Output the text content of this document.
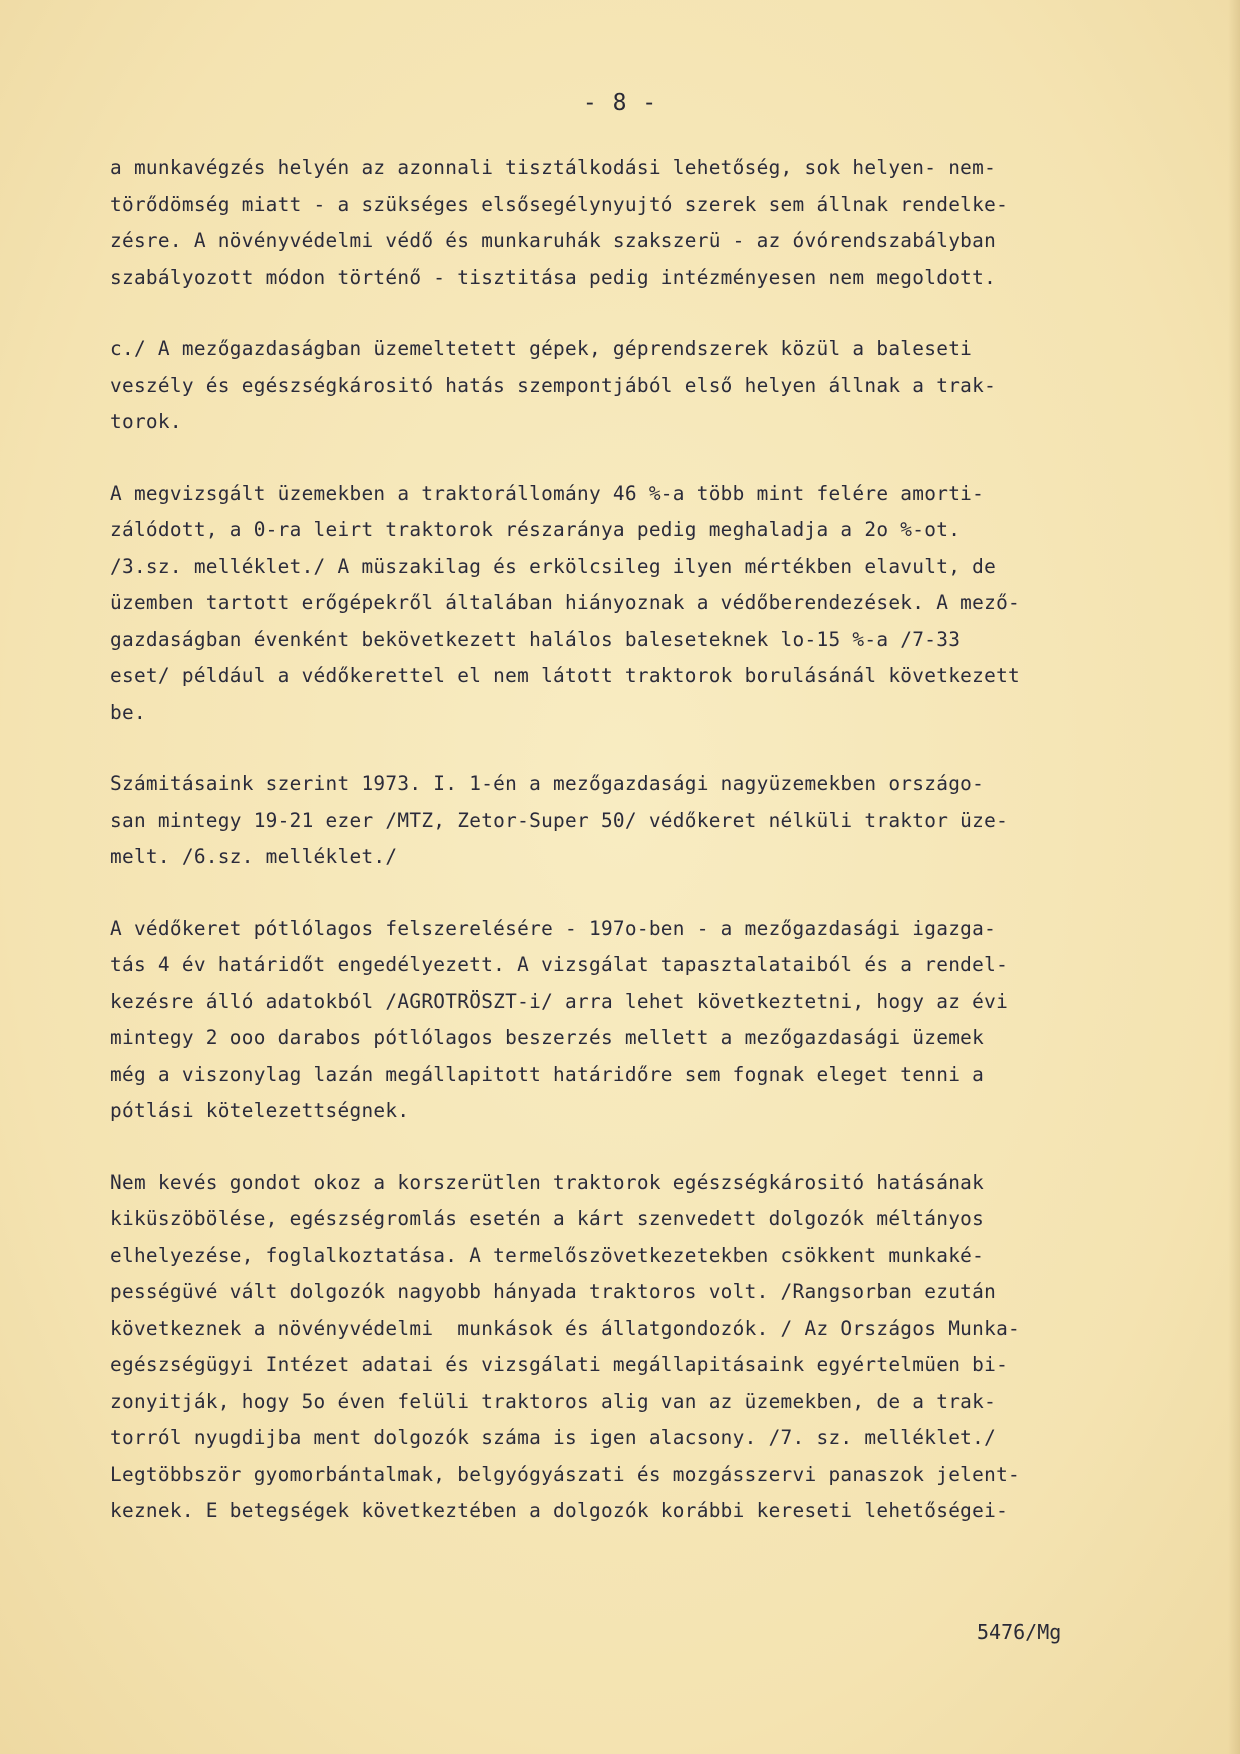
- 8 -
a munkavégzés helyén az azonnali tisztálkodási lehetőség, sok helyen- nem-
törődömség miatt - a szükséges elsősegélynyujtó szerek sem állnak rendelke-
zésre. A növényvédelmi védő és munkaruhák szakszerü - az óvórendszabályban
szabályozott módon történő - tisztitása pedig intézményesen nem megoldott.
c./ A mezőgazdaságban üzemeltetett gépek, géprendszerek közül a baleseti
veszély és egészségkárositó hatás szempontjából első helyen állnak a trak-
torok.
A megvizsgált üzemekben a traktorállomány 46 %-a több mint felére amorti-
zálódott, a 0-ra leirt traktorok részaránya pedig meghaladja a 2o %-ot.
/3.sz. melléklet./ A müszakilag és erkölcsileg ilyen mértékben elavult, de
üzemben tartott erőgépekről általában hiányoznak a védőberendezések. A mező-
gazdaságban évenként bekövetkezett halálos baleseteknek lo-15 %-a /7-33
eset/ például a védőkerettel el nem látott traktorok borulásánál következett
be.
Számitásaink szerint 1973. I. 1-én a mezőgazdasági nagyüzemekben országo-
san mintegy 19-21 ezer /MTZ, Zetor-Super 50/ védőkeret nélküli traktor üze-
melt. /6.sz. melléklet./
A védőkeret pótlólagos felszerelésére - 197o-ben - a mezőgazdasági igazga-
tás 4 év határidőt engedélyezett. A vizsgálat tapasztalataiból és a rendel-
kezésre álló adatokból /AGROTRÖSZT-i/ arra lehet következtetni, hogy az évi
mintegy 2 ooo darabos pótlólagos beszerzés mellett a mezőgazdasági üzemek
még a viszonylag lazán megállapitott határidőre sem fognak eleget tenni a
pótlási kötelezettségnek.
Nem kevés gondot okoz a korszerütlen traktorok egészségkárositó hatásának
kiküszöbölése, egészségromlás esetén a kárt szenvedett dolgozók méltányos
elhelyezése, foglalkoztatása. A termelőszövetkezetekben csökkent munkaké-
pességüvé vált dolgozók nagyobb hányada traktoros volt. /Rangsorban ezután
következnek a növényvédelmi  munkások és állatgondozók. / Az Országos Munka-
egészségügyi Intézet adatai és vizsgálati megállapitásaink egyértelmüen bi-
zonyitják, hogy 5o éven felüli traktoros alig van az üzemekben, de a trak-
torról nyugdijba ment dolgozók száma is igen alacsony. /7. sz. melléklet./
Legtöbbször gyomorbántalmak, belgyógyászati és mozgásszervi panaszok jelent-
keznek. E betegségek következtében a dolgozók korábbi kereseti lehetőségei-
5476/Mg
